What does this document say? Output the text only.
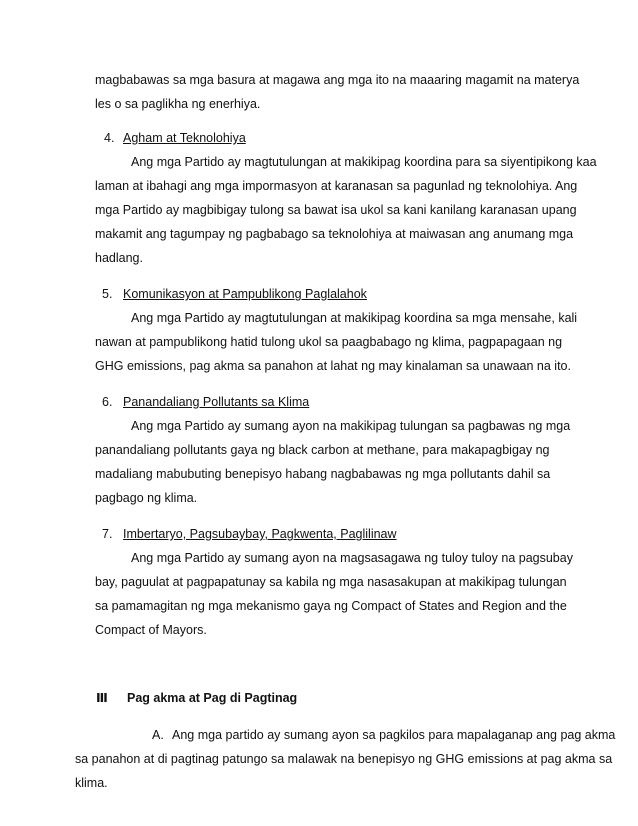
magbabawas sa mga basura at magawa ang mga ito na maaaring magamit na materya
les o sa paglikha ng enerhiya.
4. Agham at Teknolohiya
Ang mga Partido ay magtutulungan at makikipag koordina para sa siyentipikong kaa
laman at ibahagi ang mga impormasyon at karanasan sa pagunlad ng teknolohiya. Ang
mga Partido ay magbibigay tulong sa bawat isa ukol sa kani kanilang karanasan upang
makamit ang tagumpay ng pagbabago sa teknolohiya at maiwasan ang anumang mga
hadlang.
5. Komunikasyon at Pampublikong Paglalahok
Ang mga Partido ay magtutulungan at makikipag koordina sa mga mensahe, kali
nawan at pampublikong hatid tulong ukol sa paagbabago ng klima, pagpapagaan ng
GHG emissions, pag akma sa panahon at lahat ng may kinalaman sa unawaan na ito.
6. Panandaliang Pollutants sa Klima
Ang mga Partido ay sumang ayon na makikipag tulungan sa pagbawas ng mga
panandaliang pollutants gaya ng black carbon at methane, para makapagbigay ng
madaliang mabubuting benepisyo habang nagbabawas ng mga pollutants dahil sa
pagbago ng klima.
7. Imbertaryo, Pagsubaybay, Pagkwenta, Paglilinaw
Ang mga Partido ay sumang ayon na magsasagawa ng tuloy tuloy na pagsubay
bay, paguulat at pagpapatunay sa kabila ng mga nasasakupan at makikipag tulungan
sa pamamagitan ng mga mekanismo gaya ng Compact of States and Region and the
Compact of Mayors.
Ⅲ Pag akma at Pag di Pagtinag
A. Ang mga partido ay sumang ayon sa pagkilos para mapalaganap ang pag akma
sa panahon at di pagtinag patungo sa malawak na benepisyo ng GHG emissions at pag akma sa
klima.
